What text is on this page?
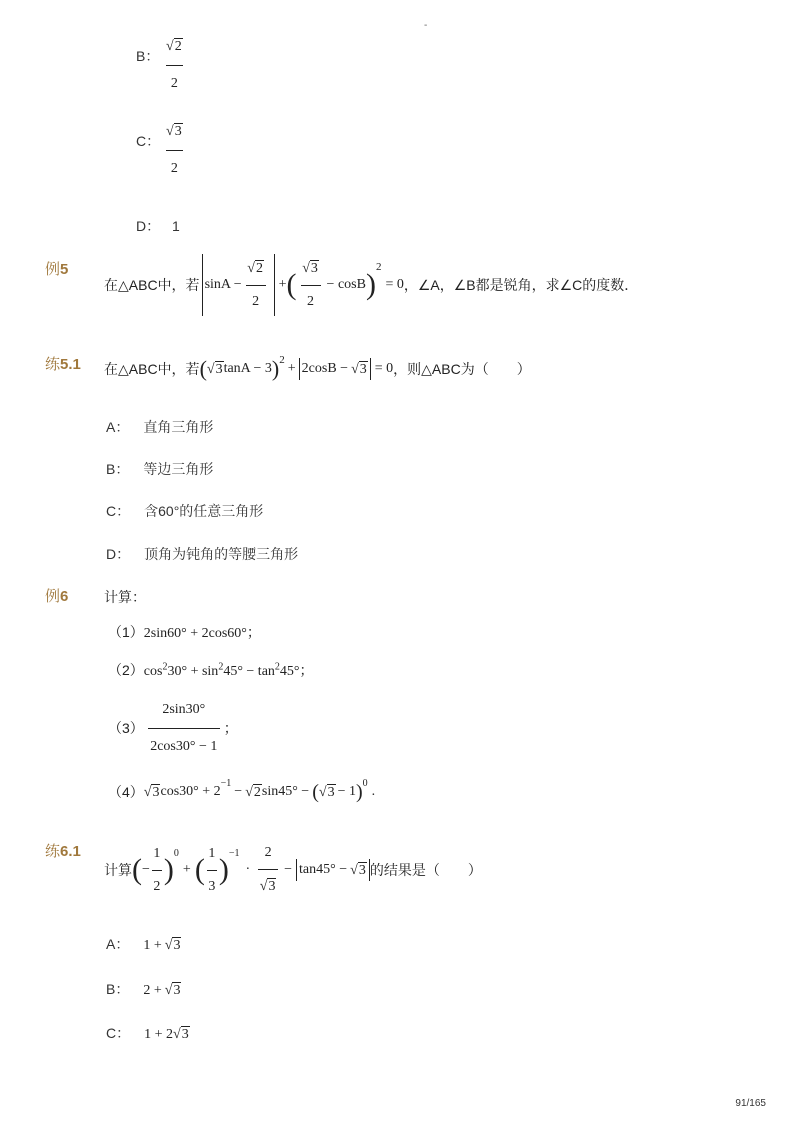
-
B：
√2
2
C：
√3
2
D： 1
例5
在△ABC中，若 $\sin A - \frac{√2}{2}$ + ( $\frac{√3}{2} - \cos B$ )
2
= 0 ，∠A，∠B都是锐角，求∠C的度数．
练5.1 在△ABC中，若 ( √3 tanA − 3 ) 2
+ 2cosB − √3 = 0 ，则△ABC为（　　）
A： 直角三角形
B： 等边三角形
C： 含60°的任意三角形
D： 顶角为钝角的等腰三角形
例6	计算：
（1）2sin60° + 2cos60°；
$(2)\cos^230^\circ + \sin^245^\circ - \tan^245^\circ$；
$(3) \frac{2\sin 30^\circ}{2\cos 30^\circ - 1}$ ；
（4） √3 cos30° + 2
−1
− √2 sin45° − ( √3 − 1 ) 0
.
练6.1
计算 ( − $\frac{1}{2}$ ) 0
+ ( $\frac{1}{3}$ ) −1
· $\frac{2}{√3} - \tan 45^\circ - √3$ 的结果是（　　）
A： 1 + √3
B： 2 + √3
C： 1 + 2√3
91/165
